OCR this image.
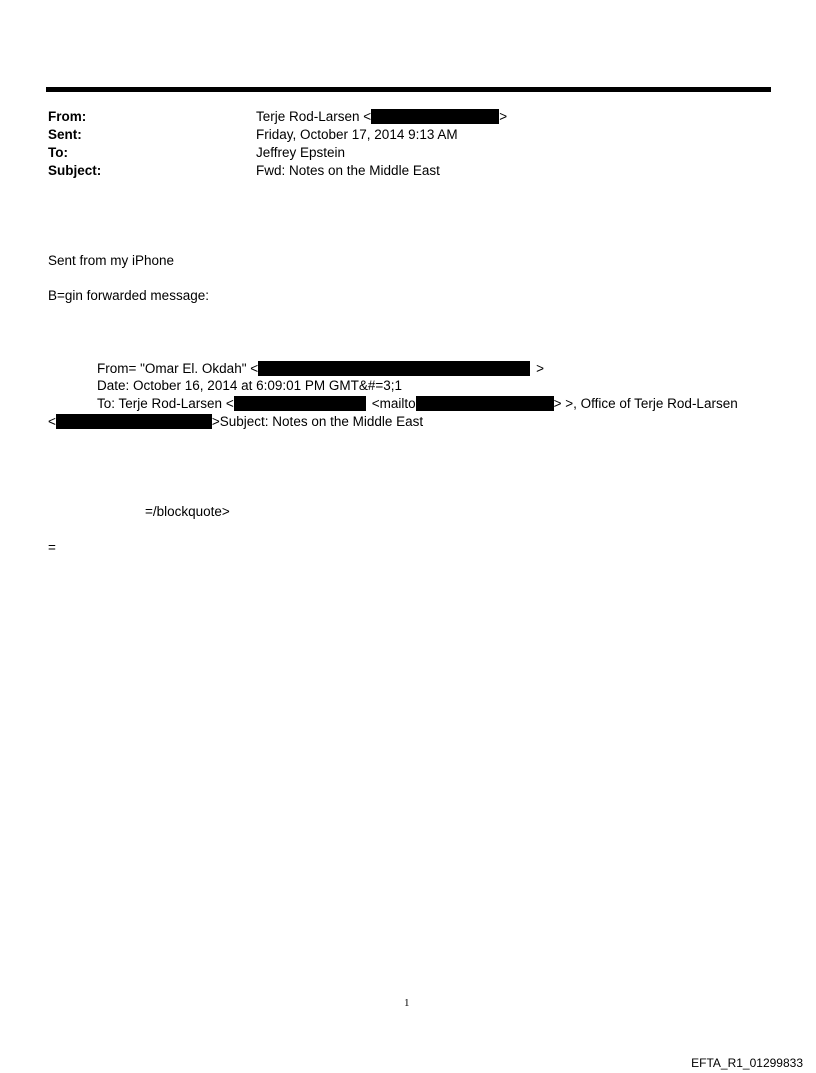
From:	Terje Rod-Larsen <	>
Sent:	Friday, October 17, 2014 9:13 AM
To:	Jeffrey Epstein
Subject:	Fwd: Notes on the Middle East
Sent from my iPhone
B=gin forwarded message:
From= "Omar El. Okdah" <	>
Date: October 16, 2014 at 6:09:01 PM GMT&#=3;1
To: Terje Rod-Larsen <	<mailto	> >, Office of Terje Rod-Larsen
<	>Subject: Notes on the Middle East
=/blockquote>
=
1
EFTA_R1_01299833
